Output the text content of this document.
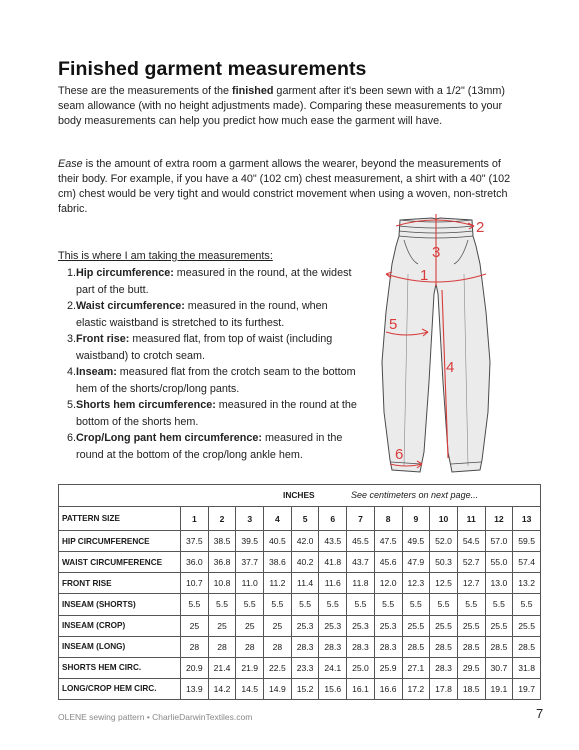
Finished garment measurements

These are the measurements of the finished garment after it's been sewn with a 1/2" (13mm) seam allowance (with no height adjustments made). Comparing these measurements to your body measurements can help you predict how much ease the garment will have.

Ease is the amount of extra room a garment allows the wearer, beyond the measurements of their body. For example, if you have a 40" (102 cm) chest measurement, a shirt with a 40" (102 cm) chest would be very tight and would constrict movement when using a woven, non-stretch fabric.

This is where I am taking the measurements:
1. Hip circumference: measured in the round, at the widest part of the butt.
2. Waist circumference: measured in the round, when elastic waistband is stretched to its furthest.
3. Front rise: measured flat, from top of waist (including waistband) to crotch seam.
4. Inseam: measured flat from the crotch seam to the bottom hem of the shorts/crop/long pants.
5. Shorts hem circumference: measured in the round at the bottom of the shorts hem.
6. Crop/Long pant hem circumference: measured in the round at the bottom of the crop/long ankle hem.
2
3
1
5
4
6
INCHES See centimeters on next page...													

PATTERN SIZE	1	2	3	4	5	6	7	8	9	10	11	12	13
HIP CIRCUMFERENCE	37.5	38.5	39.5	40.5	42.0	43.5	45.5	47.5	49.5	52.0	54.5	57.0	59.5
WAIST CIRCUMFERENCE	36.0	36.8	37.7	38.6	40.2	41.8	43.7	45.6	47.9	50.3	52.7	55.0	57.4
FRONT RISE	10.7	10.8	11.0	11.2	11.4	11.6	11.8	12.0	12.3	12.5	12.7	13.0	13.2
INSEAM (SHORTS)	5.5	5.5	5.5	5.5	5.5	5.5	5.5	5.5	5.5	5.5	5.5	5.5	5.5
INSEAM (CROP)	25	25	25	25	25.3	25.3	25.3	25.3	25.5	25.5	25.5	25.5	25.5
INSEAM (LONG)	28	28	28	28	28.3	28.3	28.3	28.3	28.5	28.5	28.5	28.5	28.5
SHORTS HEM CIRC.	20.9	21.4	21.9	22.5	23.3	24.1	25.0	25.9	27.1	28.3	29.5	30.7	31.8
LONG/CROP HEM CIRC.	13.9	14.2	14.5	14.9	15.2	15.6	16.1	16.6	17.2	17.8	18.5	19.1	19.7
OLENE sewing pattern • CharlieDarwinTextiles.com	7
